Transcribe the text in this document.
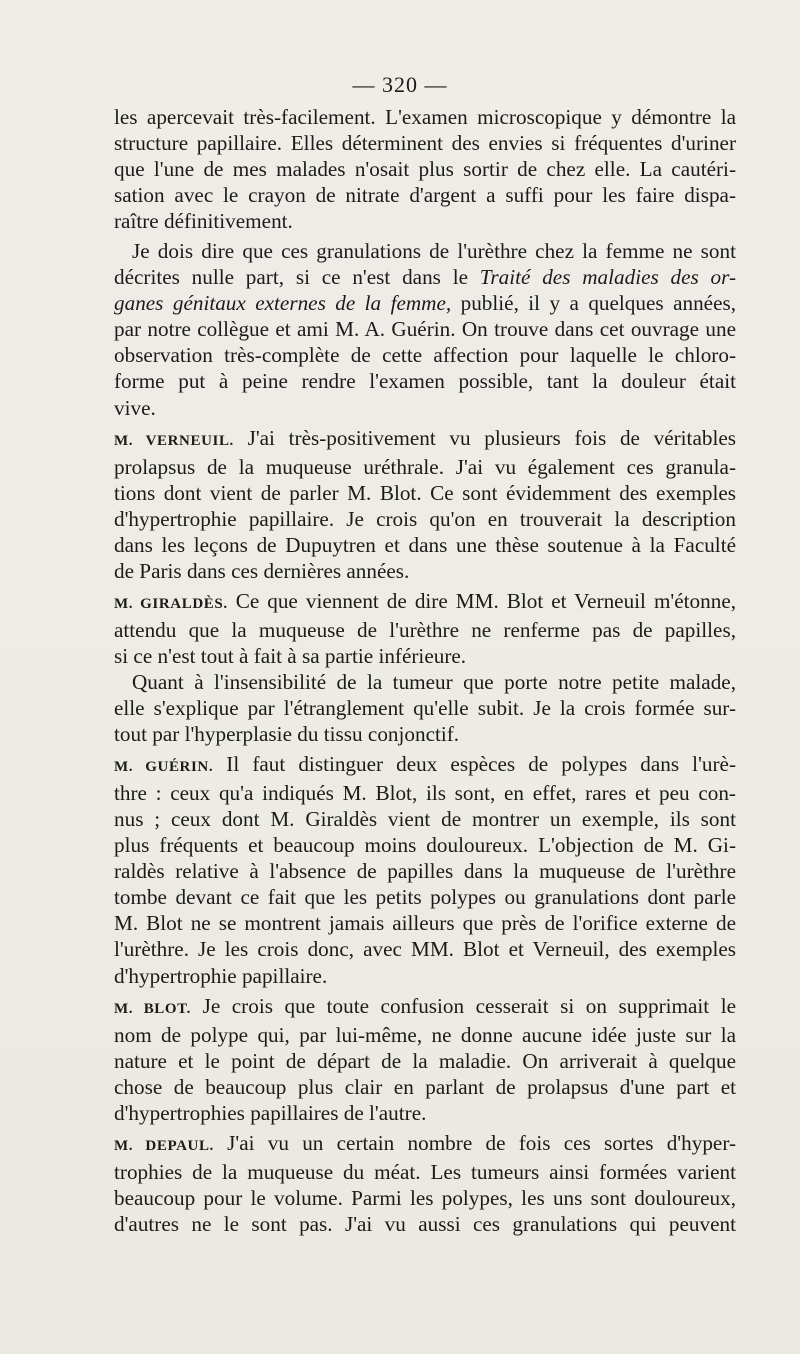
— 320 —
les apercevait très-facilement. L'examen microscopique y démontre la
structure papillaire. Elles déterminent des envies si fréquentes d'uriner
que l'une de mes malades n'osait plus sortir de chez elle. La cautéri-
sation avec le crayon de nitrate d'argent a suffi pour les faire dispa-
raître définitivement.
Je dois dire que ces granulations de l'urèthre chez la femme ne sont
décrites nulle part, si ce n'est dans le Traité des maladies des or-
ganes génitaux externes de la femme, publié, il y a quelques années,
par notre collègue et ami M. A. Guérin. On trouve dans cet ouvrage une
observation très-complète de cette affection pour laquelle le chloro-
forme put à peine rendre l'examen possible, tant la douleur était
vive.
M. VERNEUIL. J'ai très-positivement vu plusieurs fois de véritables
prolapsus de la muqueuse uréthrale. J'ai vu également ces granula-
tions dont vient de parler M. Blot. Ce sont évidemment des exemples
d'hypertrophie papillaire. Je crois qu'on en trouverait la description
dans les leçons de Dupuytren et dans une thèse soutenue à la Faculté
de Paris dans ces dernières années.
M. GIRALDÈS. Ce que viennent de dire MM. Blot et Verneuil m'étonne,
attendu que la muqueuse de l'urèthre ne renferme pas de papilles,
si ce n'est tout à fait à sa partie inférieure.
Quant à l'insensibilité de la tumeur que porte notre petite malade,
elle s'explique par l'étranglement qu'elle subit. Je la crois formée sur-
tout par l'hyperplasie du tissu conjonctif.
M. GUÉRIN. Il faut distinguer deux espèces de polypes dans l'urè-
thre : ceux qu'a indiqués M. Blot, ils sont, en effet, rares et peu con-
nus ; ceux dont M. Giraldès vient de montrer un exemple, ils sont
plus fréquents et beaucoup moins douloureux. L'objection de M. Gi-
raldès relative à l'absence de papilles dans la muqueuse de l'urèthre
tombe devant ce fait que les petits polypes ou granulations dont parle
M. Blot ne se montrent jamais ailleurs que près de l'orifice externe de
l'urèthre. Je les crois donc, avec MM. Blot et Verneuil, des exemples
d'hypertrophie papillaire.
M. BLOT. Je crois que toute confusion cesserait si on supprimait le
nom de polype qui, par lui-même, ne donne aucune idée juste sur la
nature et le point de départ de la maladie. On arriverait à quelque
chose de beaucoup plus clair en parlant de prolapsus d'une part et
d'hypertrophies papillaires de l'autre.
M. DEPAUL. J'ai vu un certain nombre de fois ces sortes d'hyper-
trophies de la muqueuse du méat. Les tumeurs ainsi formées varient
beaucoup pour le volume. Parmi les polypes, les uns sont douloureux,
d'autres ne le sont pas. J'ai vu aussi ces granulations qui peuvent
